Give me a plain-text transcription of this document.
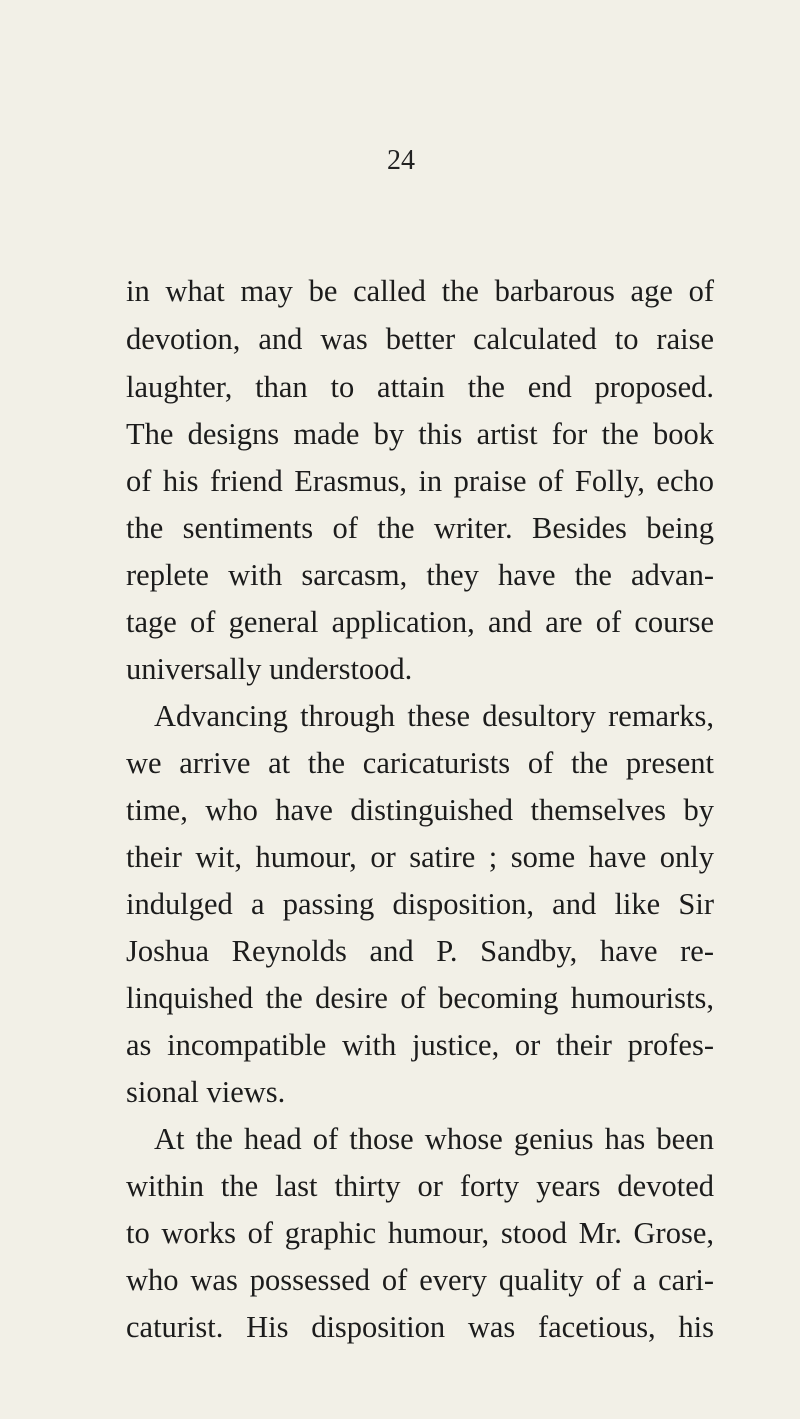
24
in what may be called the barbarous age of
devotion, and was better calculated to raise
laughter, than to attain the end proposed.
The designs made by this artist for the book
of his friend Erasmus, in praise of Folly, echo
the sentiments of the writer. Besides being
replete with sarcasm, they have the advan-
tage of general application, and are of course
universally understood.
Advancing through these desultory remarks,
we arrive at the caricaturists of the present
time, who have distinguished themselves by
their wit, humour, or satire ; some have only
indulged a passing disposition, and like Sir
Joshua Reynolds and P. Sandby, have re-
linquished the desire of becoming humourists,
as incompatible with justice, or their profes-
sional views.
At the head of those whose genius has been
within the last thirty or forty years devoted
to works of graphic humour, stood Mr. Grose,
who was possessed of every quality of a cari-
caturist. His disposition was facetious, his
